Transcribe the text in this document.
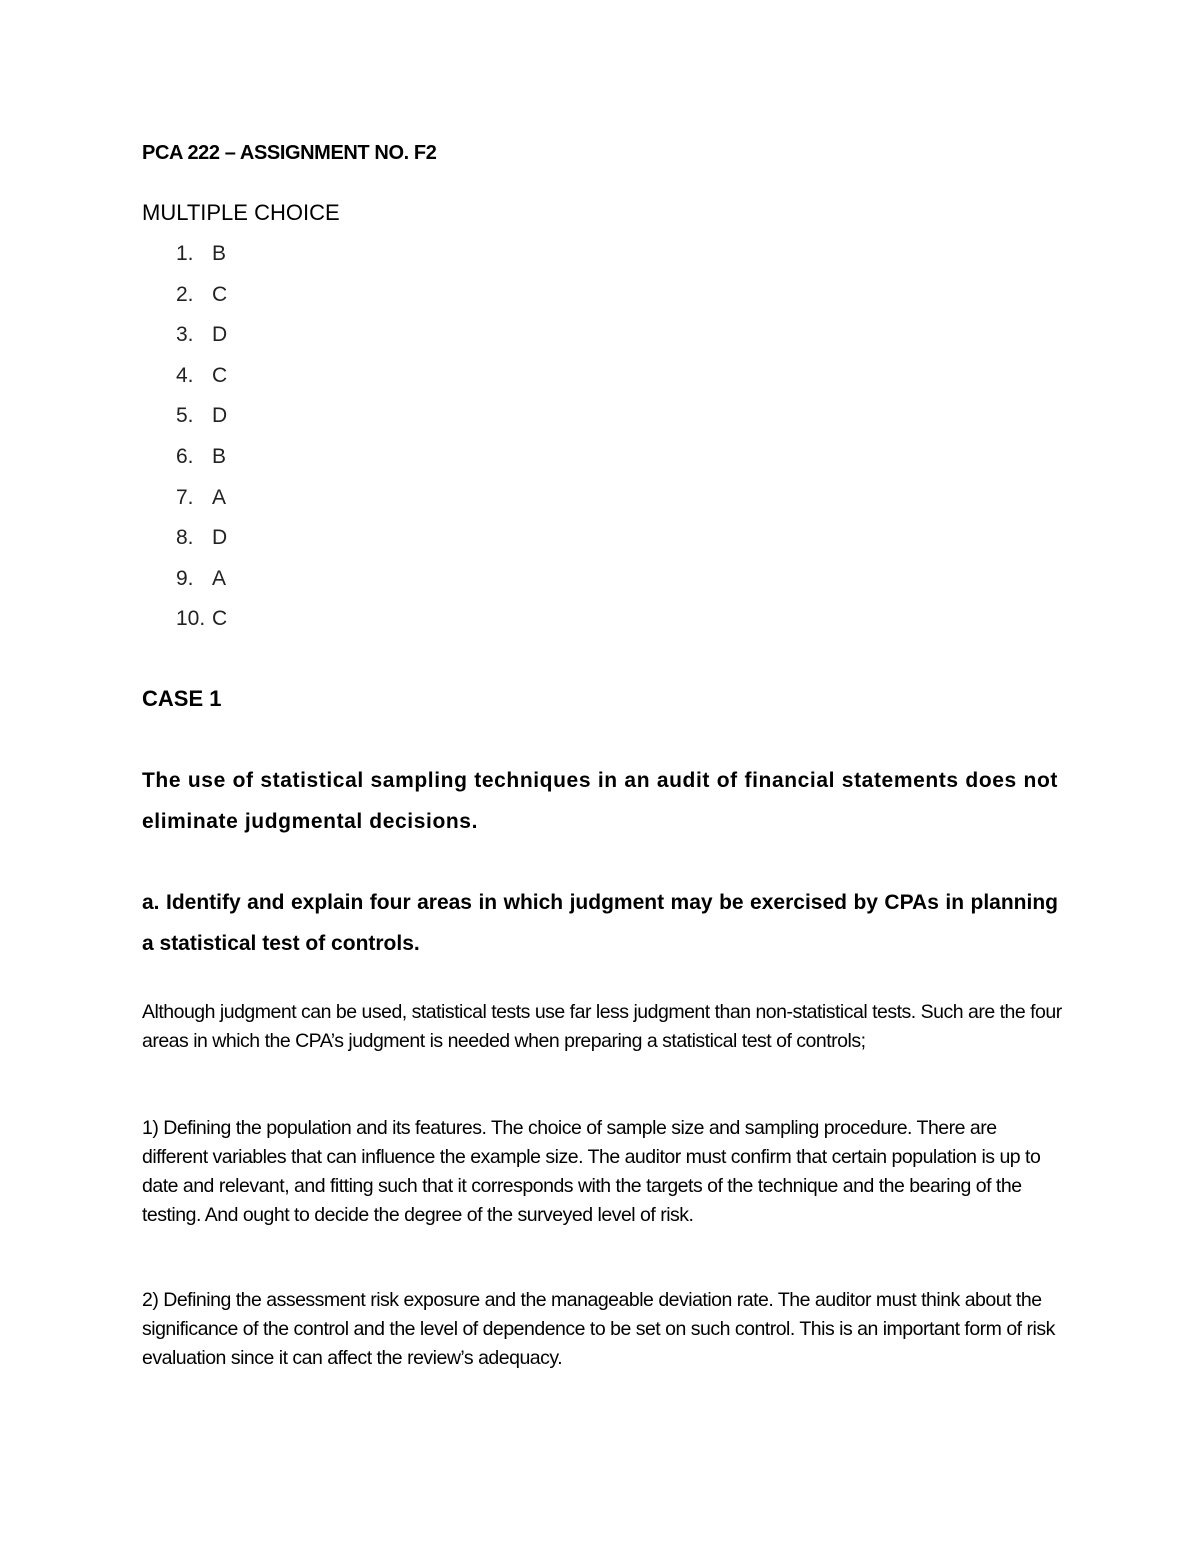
PCA 222 – ASSIGNMENT NO. F2
MULTIPLE CHOICE
1. B
2. C
3. D
4. C
5. D
6. B
7. A
8. D
9. A
10. C
CASE 1

The use of statistical sampling techniques in an audit of financial statements does not eliminate judgmental decisions.

a. Identify and explain four areas in which judgment may be exercised by CPAs in planning a statistical test of controls.

Although judgment can be used, statistical tests use far less judgment than non-statistical tests. Such are the four areas in which the CPA’s judgment is needed when preparing a statistical test of controls;

1) Defining the population and its features. The choice of sample size and sampling procedure. There are different variables that can influence the example size. The auditor must confirm that certain population is up to date and relevant, and fitting such that it corresponds with the targets of the technique and the bearing of the testing. And ought to decide the degree of the surveyed level of risk.

2) Defining the assessment risk exposure and the manageable deviation rate. The auditor must think about the significance of the control and the level of dependence to be set on such control. This is an important form of risk evaluation since it can affect the review’s adequacy.
